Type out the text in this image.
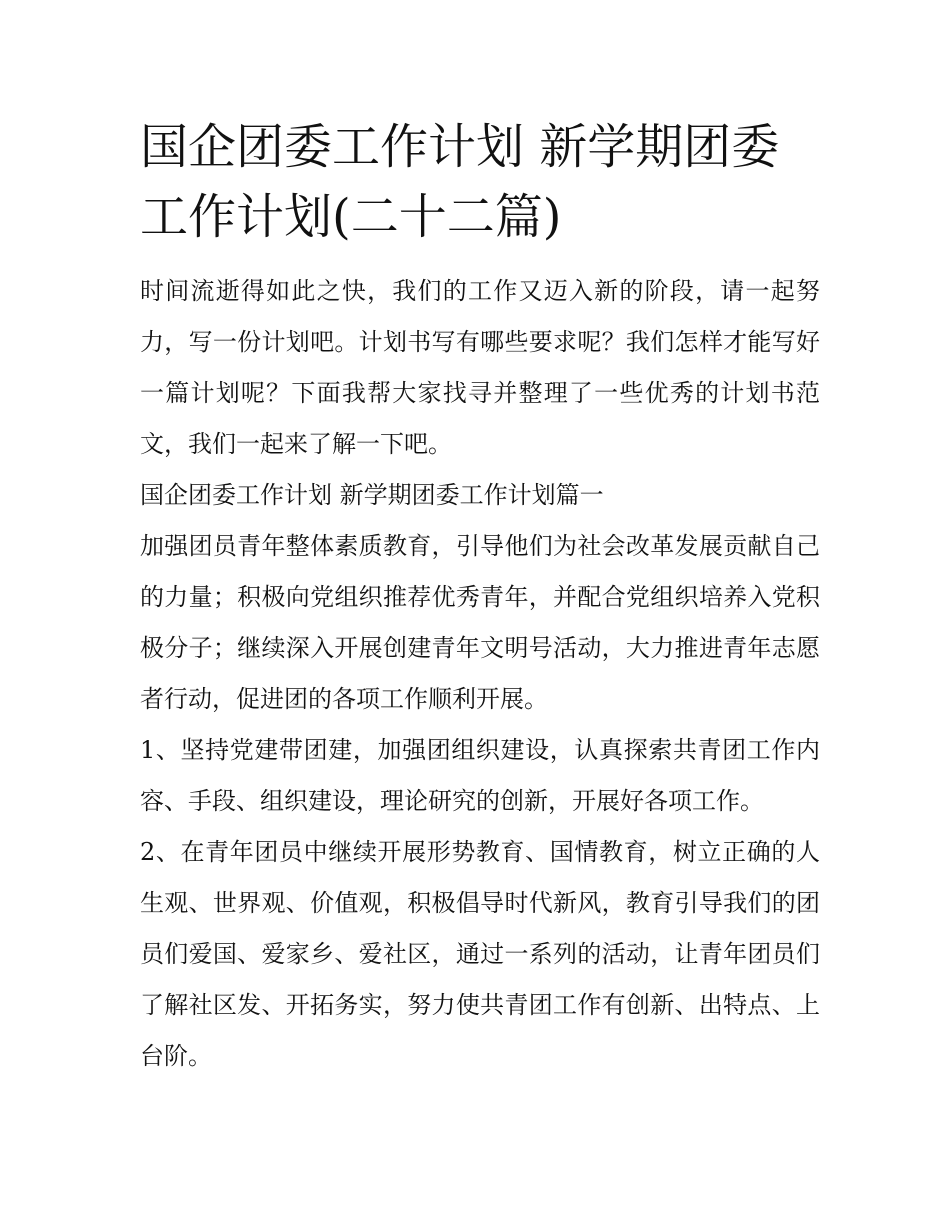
国企团委工作计划 新学期团委工作计划(二十二篇)

时间流逝得如此之快，我们的工作又迈入新的阶段，请一起努力，写一份计划吧。计划书写有哪些要求呢？我们怎样才能写好一篇计划呢？下面我帮大家找寻并整理了一些优秀的计划书范文，我们一起来了解一下吧。

国企团委工作计划 新学期团委工作计划篇一

加强团员青年整体素质教育，引导他们为社会改革发展贡献自己的力量；积极向党组织推荐优秀青年，并配合党组织培养入党积极分子；继续深入开展创建青年文明号活动，大力推进青年志愿者行动，促进团的各项工作顺利开展。

1、坚持党建带团建，加强团组织建设，认真探索共青团工作内容、手段、组织建设，理论研究的创新，开展好各项工作。

2、在青年团员中继续开展形势教育、国情教育，树立正确的人生观、世界观、价值观，积极倡导时代新风，教育引导我们的团员们爱国、爱家乡、爱社区，通过一系列的活动，让青年团员们了解社区发、开拓务实，努力使共青团工作有创新、出特点、上台阶。
